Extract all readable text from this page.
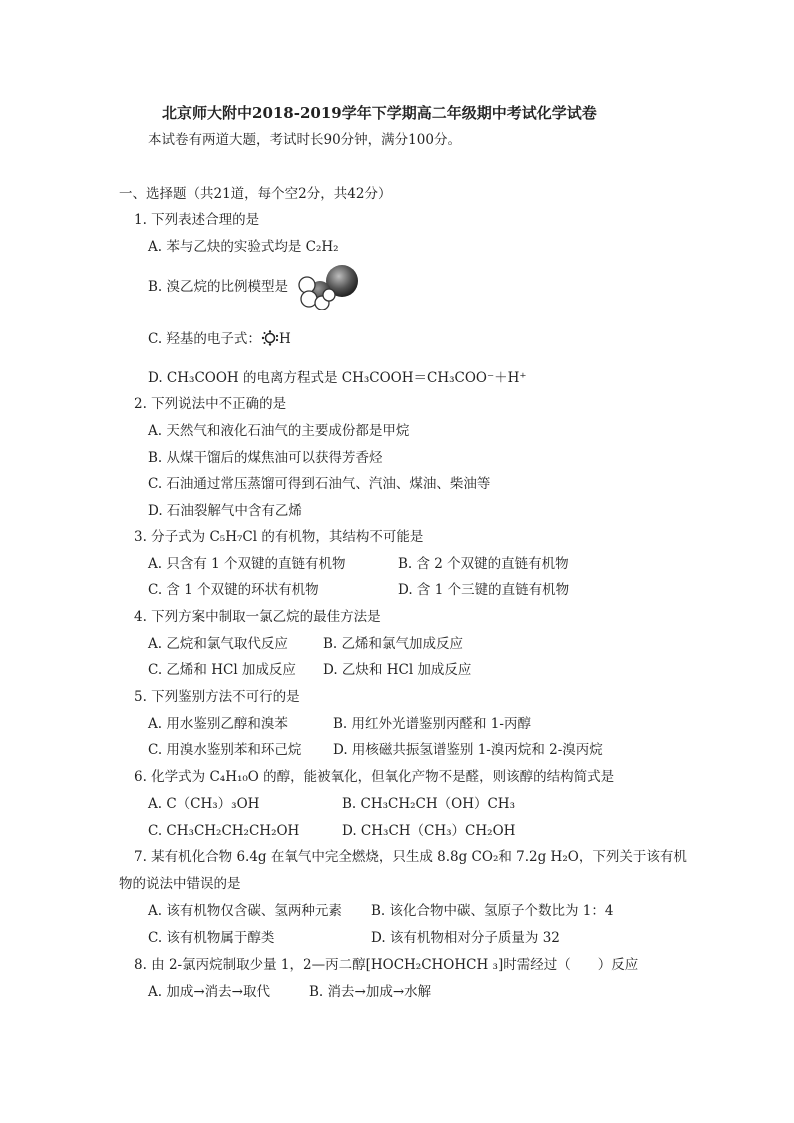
北京师大附中2018-2019学年下学期高二年级期中考试化学试卷
本试卷有两道大题，考试时长90分钟，满分100分。
一、选择题（共21道，每个空2分，共42分）
1. 下列表述合理的是
A. 苯与乙炔的实验式均是 C₂H₂
B. 溴乙烷的比例模型是
C. 羟基的电子式： H
D. CH₃COOH 的电离方程式是 CH₃COOH＝CH₃COO⁻＋H⁺
2. 下列说法中不正确的是
A. 天然气和液化石油气的主要成份都是甲烷
B. 从煤干馏后的煤焦油可以获得芳香烃
C. 石油通过常压蒸馏可得到石油气、汽油、煤油、柴油等
D. 石油裂解气中含有乙烯
3. 分子式为 C₅H₇Cl 的有机物，其结构不可能是
A. 只含有 1 个双键的直链有机物	B. 含 2 个双键的直链有机物
C. 含 1 个双键的环状有机物	D. 含 1 个三键的直链有机物
4. 下列方案中制取一氯乙烷的最佳方法是
A. 乙烷和氯气取代反应	B. 乙烯和氯气加成反应
C. 乙烯和 HCl 加成反应 D. 乙炔和 HCl 加成反应
5. 下列鉴别方法不可行的是
A. 用水鉴别乙醇和溴苯	B. 用红外光谱鉴别丙醛和 1-丙醇
C. 用溴水鉴别苯和环己烷 D. 用核磁共振氢谱鉴别 1-溴丙烷和 2-溴丙烷
6. 化学式为 C₄H₁₀O 的醇，能被氧化，但氧化产物不是醛，则该醇的结构简式是
A. C（CH₃）₃OH	B. CH₃CH₂CH（OH）CH₃
C. CH₃CH₂CH₂CH₂OH	D. CH₃CH（CH₃）CH₂OH
7. 某有机化合物 6.4g 在氧气中完全燃烧，只生成 8.8g CO₂和 7.2g H₂O，下列关于该有机
物的说法中错误的是
A. 该有机物仅含碳、氢两种元素 B. 该化合物中碳、氢原子个数比为 1：4
C. 该有机物属于醇类	D. 该有机物相对分子质量为 32
8. 由 2-氯丙烷制取少量 1，2—丙二醇[HOCH₂CHOHCH ₃]时需经过（　　）反应
A. 加成→消去→取代	B. 消去→加成→水解
